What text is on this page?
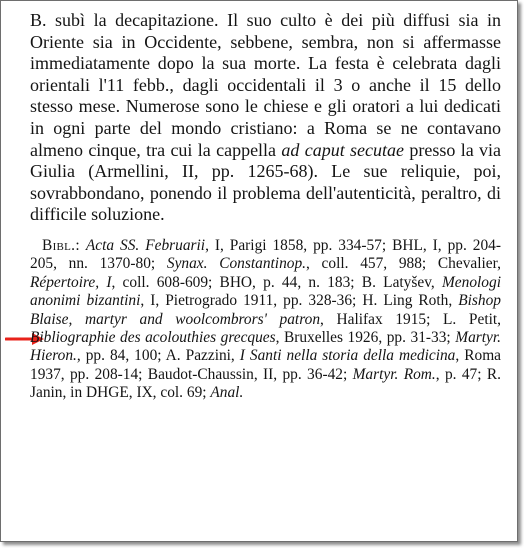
B. subì la decapitazione. Il suo culto è dei più diffusi sia in Oriente sia in Occidente, sebbene, sembra, non si affermasse immediatamente dopo la sua morte. La festa è celebrata dagli orientali l'11 febb., dagli occidentali il 3 o anche il 15 dello stesso mese. Numerose sono le chiese e gli oratori a lui dedicati in ogni parte del mondo cristiano: a Roma se ne contavano almeno cinque, tra cui la cappella ad caput secutae presso la via Giulia (Armellini, II, pp. 1265-68). Le sue reliquie, poi, sovrabbondano, ponendo il problema dell'autenticità, peraltro, di difficile soluzione.

Bibl.: Acta SS. Februarii, I, Parigi 1858, pp. 334-57; BHL, I, pp. 204-205, nn. 1370-80; Synax. Constantinop., coll. 457, 988; Chevalier, Répertoire, I, coll. 608-609; BHO, p. 44, n. 183; B. Latyšev, Menologi anonimi bizantini, I, Pietrogrado 1911, pp. 328-36; H. Ling Roth, Bishop Blaise, martyr and woolcombrors' patron, Halifax 1915; L. Petit, Bibliographie des acolouthies grecques, Bruxelles 1926, pp. 31-33; Martyr. Hieron., pp. 84, 100; A. Pazzini, I Santi nella storia della medicina, Roma 1937, pp. 208-14; Baudot-Chaussin, II, pp. 36-42; Martyr. Rom., p. 47; R. Janin, in DHGE, IX, col. 69; Anal.
